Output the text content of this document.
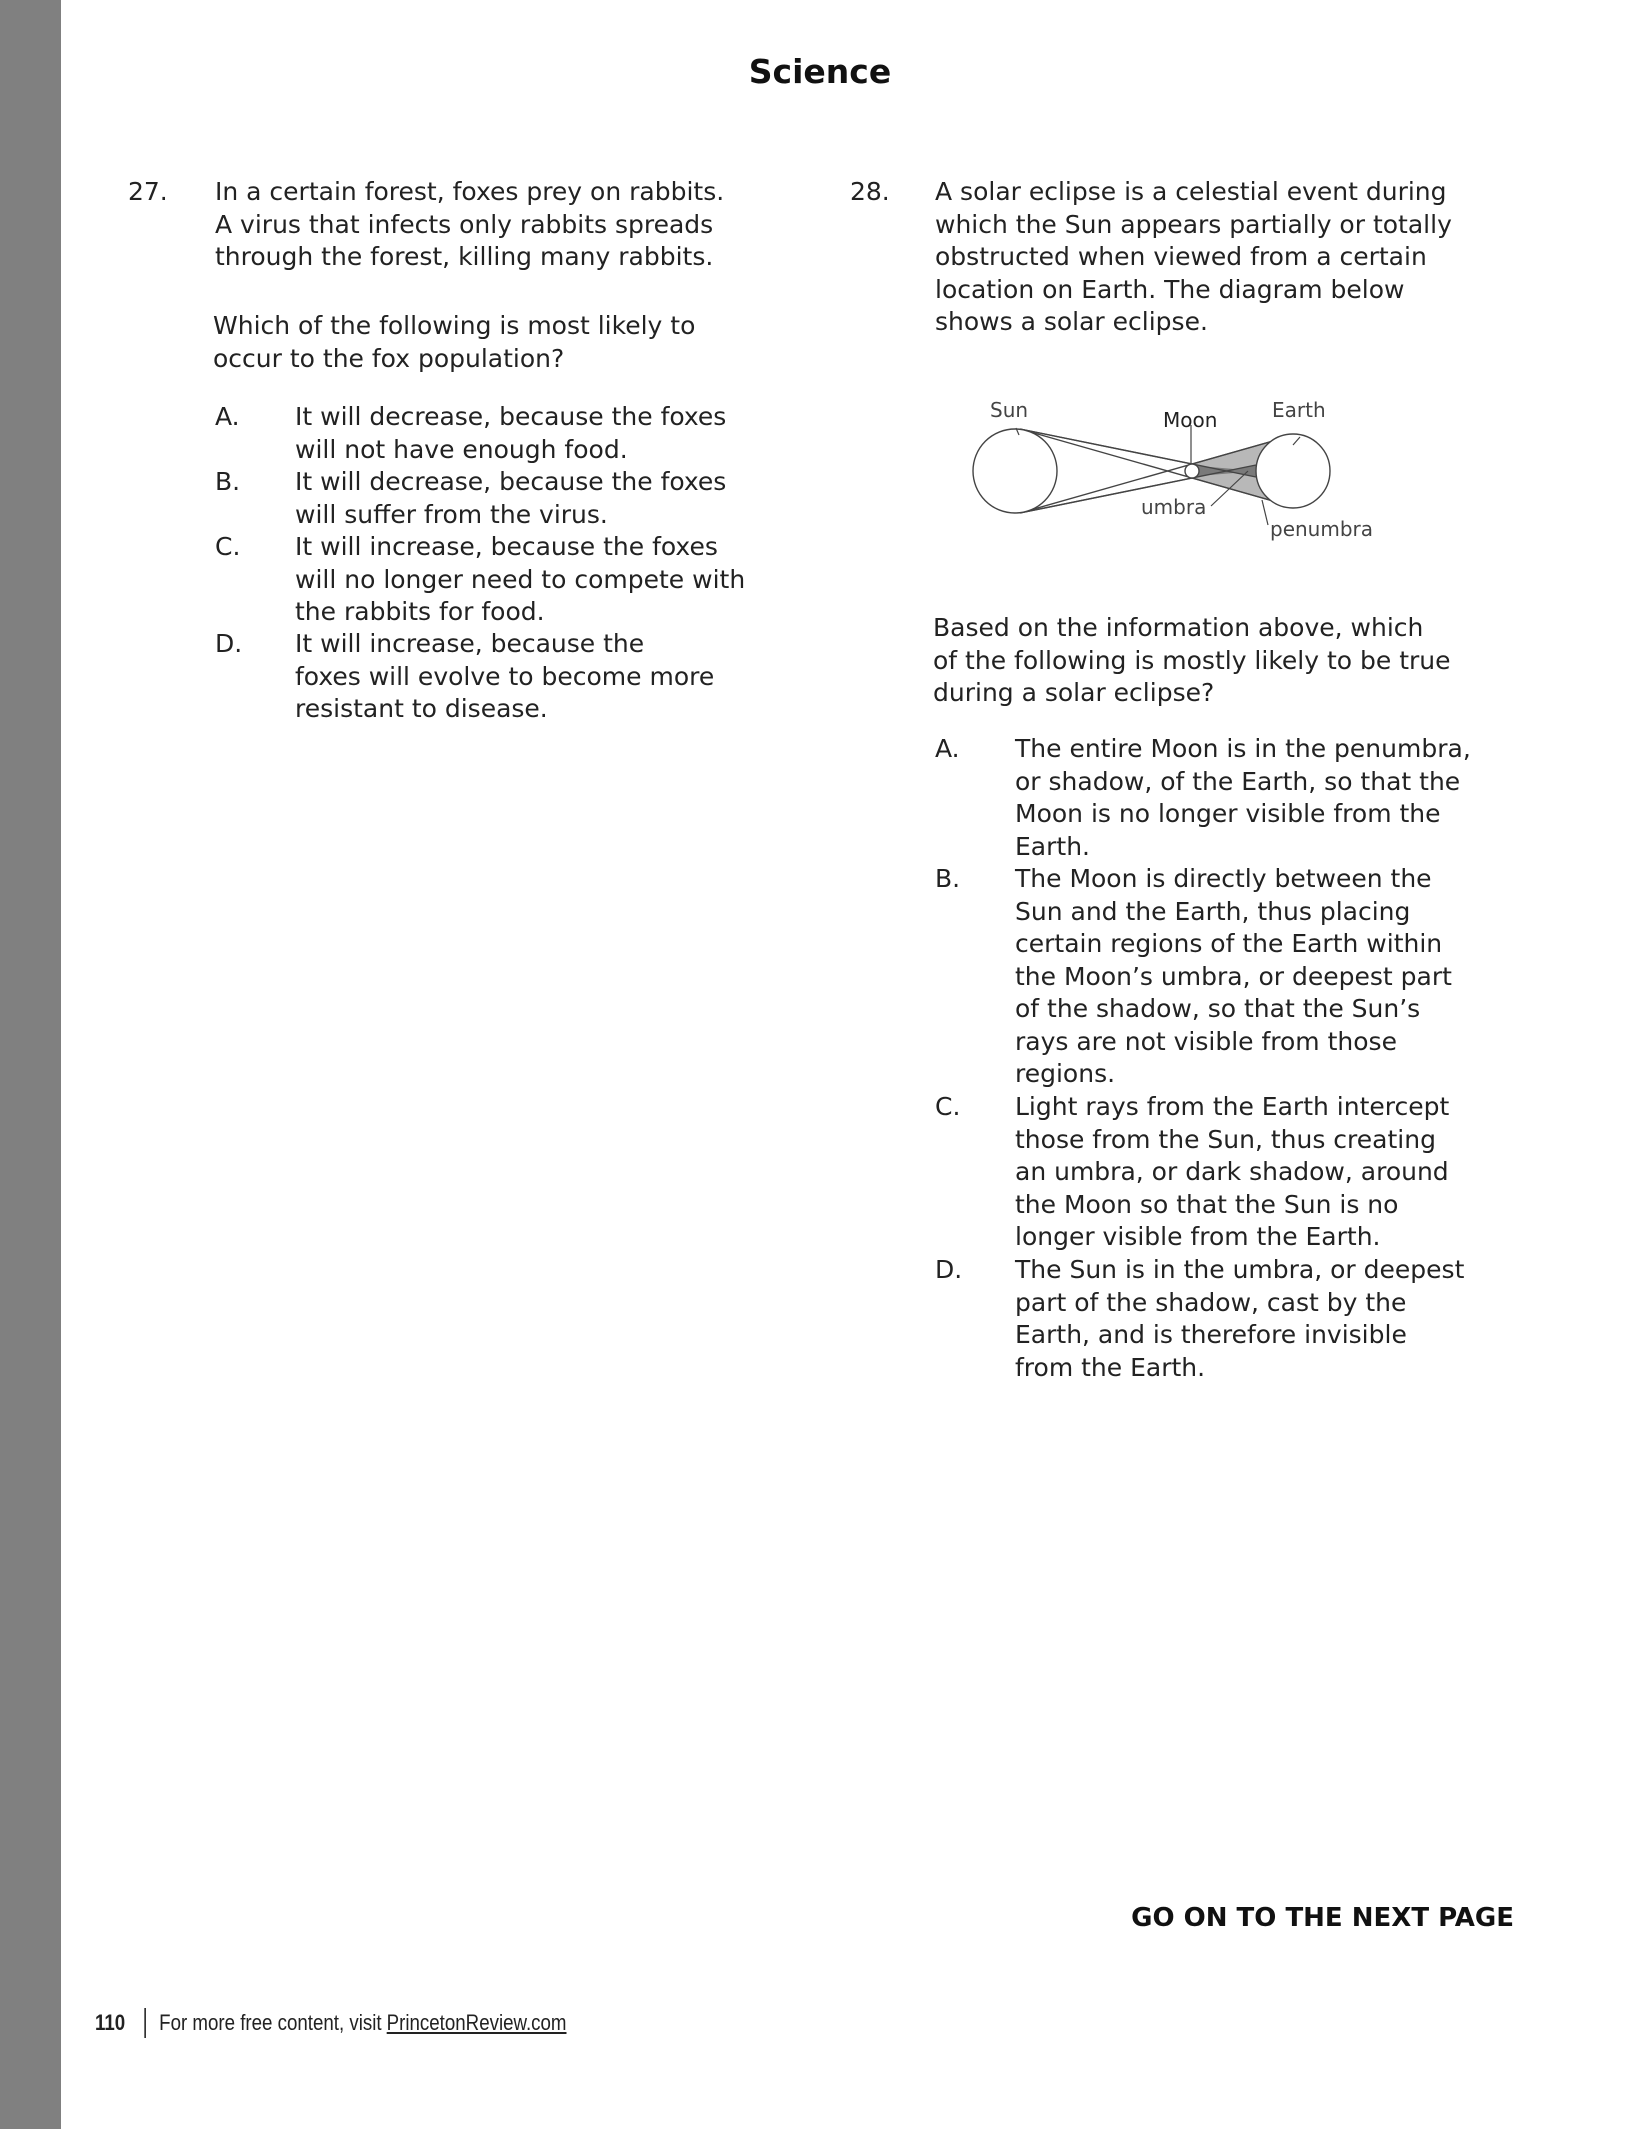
Science
27. In a certain forest, foxes prey on rabbits.
A virus that infects only rabbits spreads
through the forest, killing many rabbits.
Which of the following is most likely to
occur to the fox population?
A. It will decrease, because the foxes
will not have enough food.
B. It will decrease, because the foxes
will suffer from the virus.
C. It will increase, because the foxes
will no longer need to compete with
the rabbits for food.
D. It will increase, because the
foxes will evolve to become more
resistant to disease.
28. A solar eclipse is a celestial event during
which the Sun appears partially or totally
obstructed when viewed from a certain
location on Earth. The diagram below
shows a solar eclipse.
Sun	Moon	Earth
umbra
penumbra
Based on the information above, which
of the following is mostly likely to be true
during a solar eclipse?
A. The entire Moon is in the penumbra,
or shadow, of the Earth, so that the
Moon is no longer visible from the
Earth.
B. The Moon is directly between the
Sun and the Earth, thus placing
certain regions of the Earth within
the Moon’s umbra, or deepest part
of the shadow, so that the Sun’s
rays are not visible from those
regions.
C. Light rays from the Earth intercept
those from the Sun, thus creating
an umbra, or dark shadow, around
the Moon so that the Sun is no
longer visible from the Earth.
D. The Sun is in the umbra, or deepest
part of the shadow, cast by the
Earth, and is therefore invisible
from the Earth.
GO ON TO THE NEXT PAGE
110 For more free content, visit PrincetonReview.com
